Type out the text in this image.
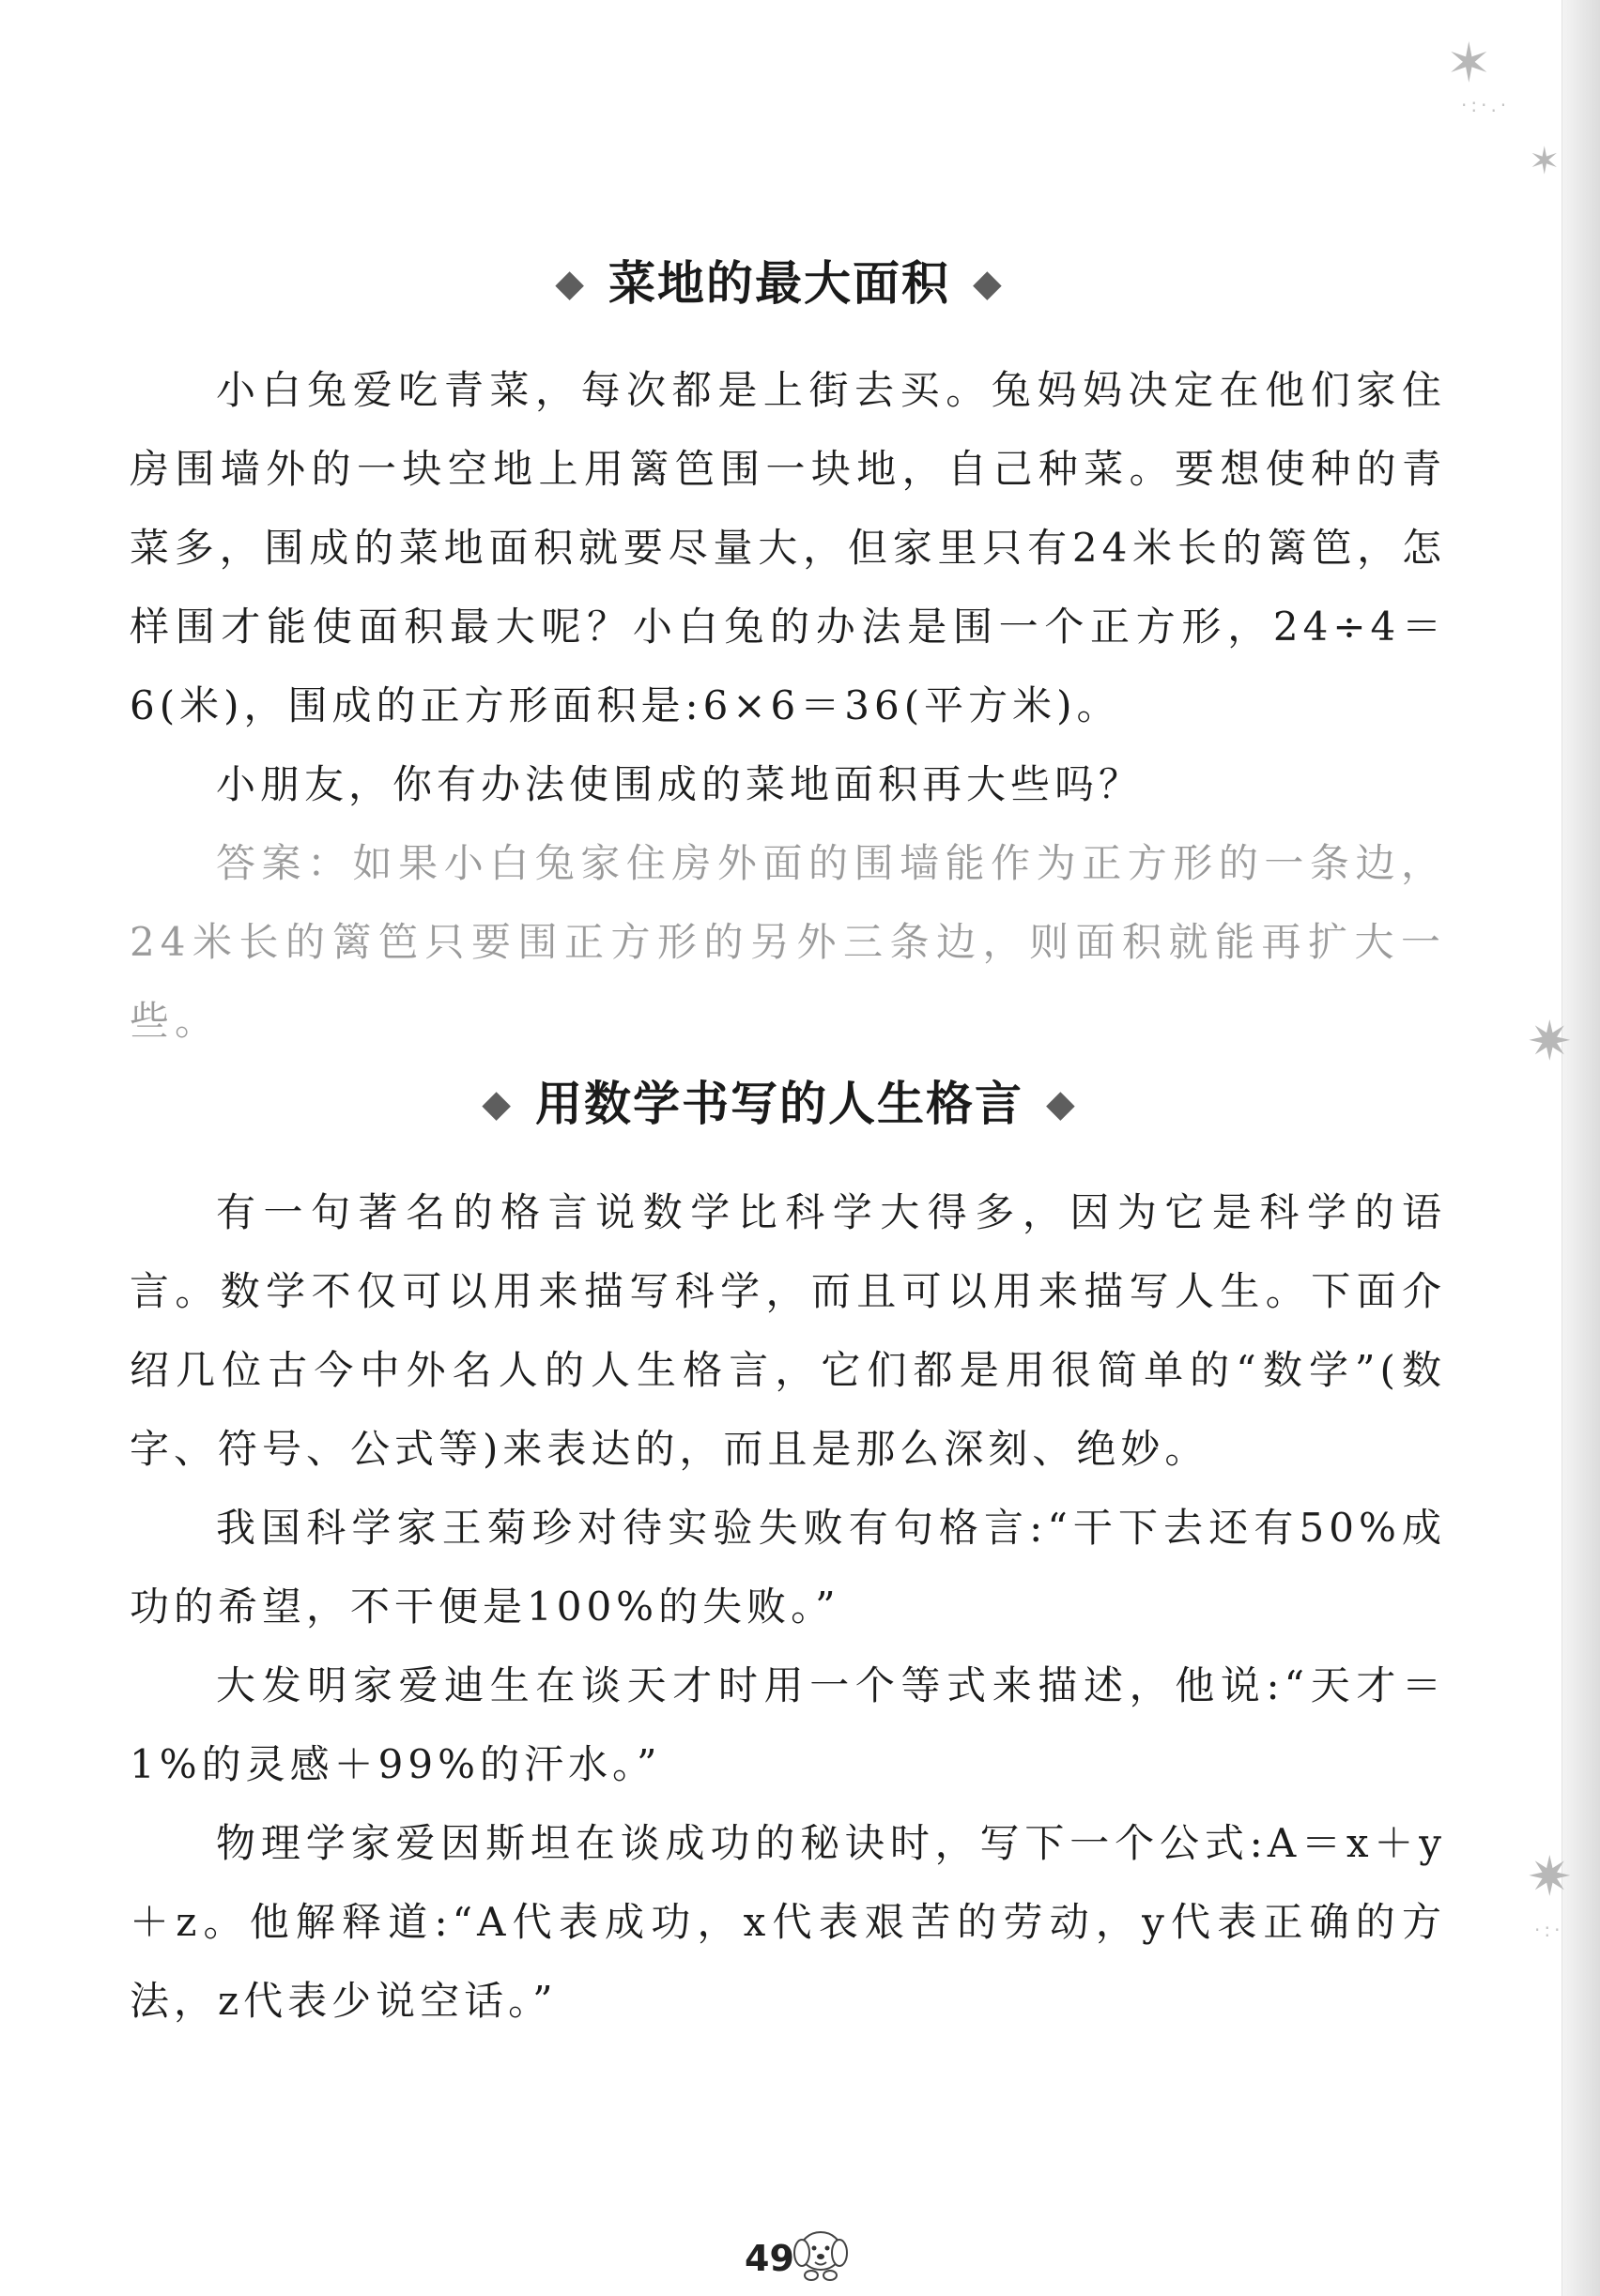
✶
·:·.·
✶
✷
✷
·:·
◆ 菜地的最大面积 ◆

小白兔爱吃青菜，每次都是上街去买。兔妈妈决定在他们家住房围墙外的一块空地上用篱笆围一块地，自己种菜。要想使种的青菜多，围成的菜地面积就要尽量大，但家里只有24米长的篱笆，怎样围才能使面积最大呢？小白兔的办法是围一个正方形，24÷4＝6(米)，围成的正方形面积是:6×6＝36(平方米)。

小朋友，你有办法使围成的菜地面积再大些吗？

答案：如果小白兔家住房外面的围墙能作为正方形的一条边，24米长的篱笆只要围正方形的另外三条边，则面积就能再扩大一些。

◆ 用数学书写的人生格言 ◆

有一句著名的格言说数学比科学大得多，因为它是科学的语言。数学不仅可以用来描写科学，而且可以用来描写人生。下面介绍几位古今中外名人的人生格言，它们都是用很简单的“数学”(数字、符号、公式等)来表达的，而且是那么深刻、绝妙。

我国科学家王菊珍对待实验失败有句格言:“干下去还有50%成功的希望，不干便是100%的失败。”

大发明家爱迪生在谈天才时用一个等式来描述，他说:“天才＝1%的灵感＋99%的汗水。”

物理学家爱因斯坦在谈成功的秘诀时，写下一个公式:A＝x＋y＋z。他解释道:“A代表成功，x代表艰苦的劳动，y代表正确的方法，z代表少说空话。”

49
